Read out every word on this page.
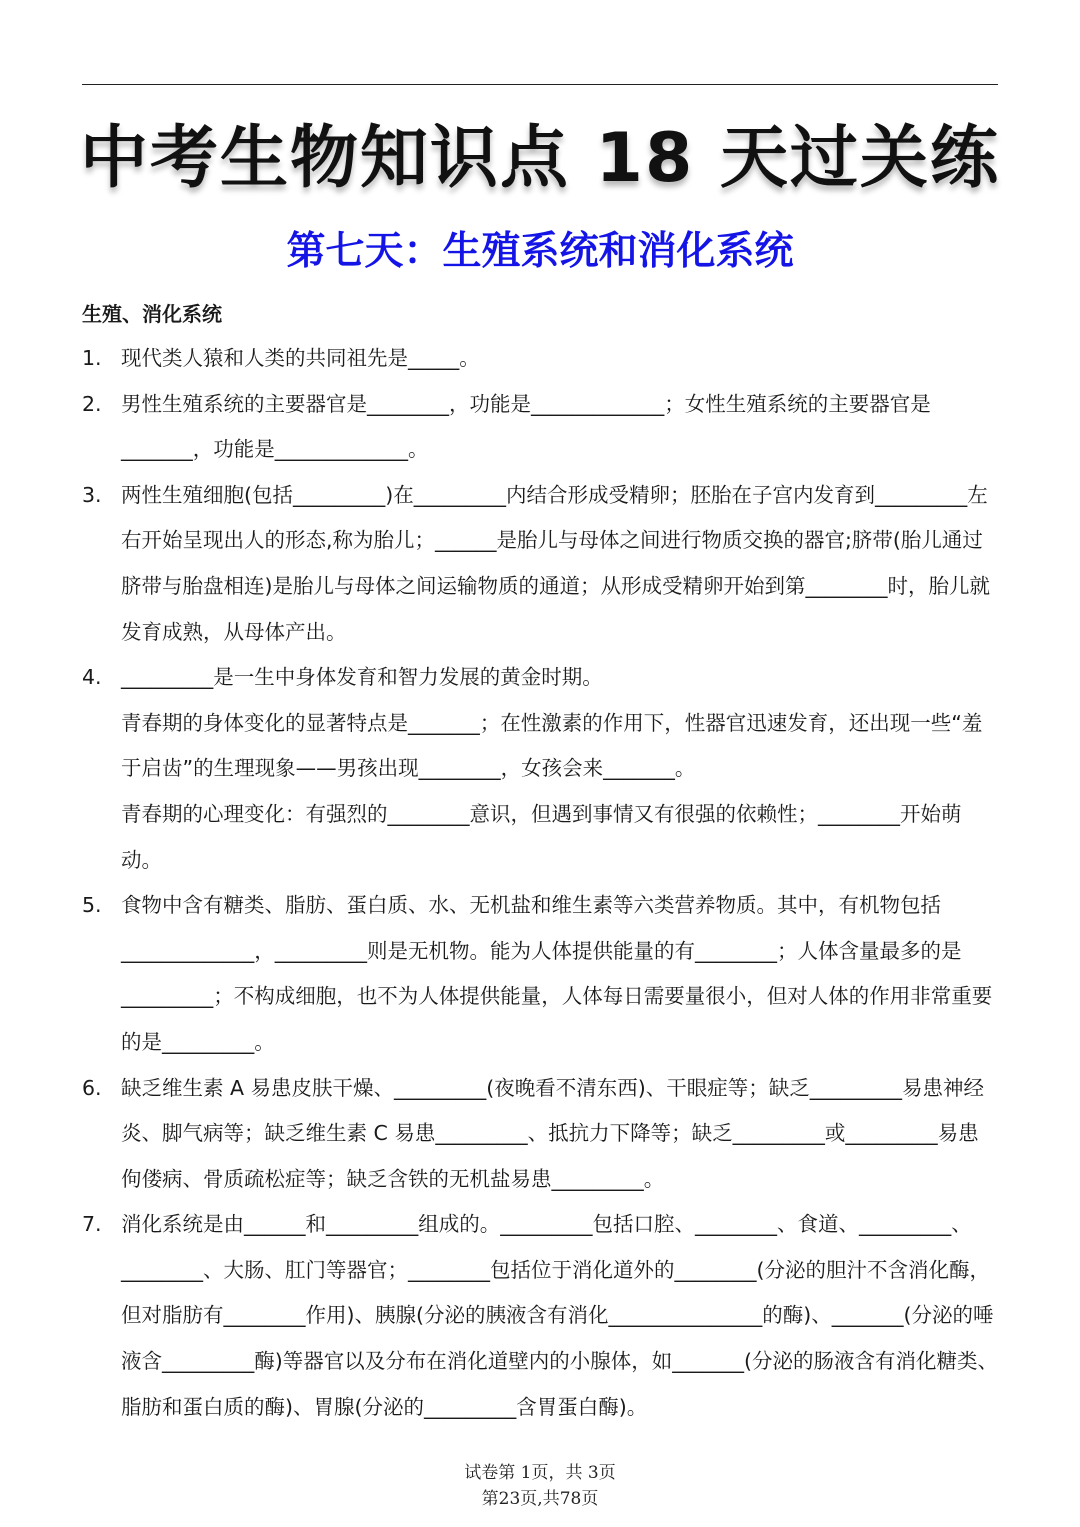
中考生物知识点 18 天过关练
第七天：生殖系统和消化系统
生殖、消化系统
1. 现代类人猿和人类的共同祖先是_____。

2. 男性生殖系统的主要器官是________，功能是_____________；女性生殖系统的主要器官是_______，功能是_____________。

3. 两性生殖细胞(包括_________)在_________内结合形成受精卵；胚胎在子宫内发育到_________左右开始呈现出人的形态,称为胎儿；______是胎儿与母体之间进行物质交换的器官;脐带(胎儿通过脐带与胎盘相连)是胎儿与母体之间运输物质的通道；从形成受精卵开始到第________时，胎儿就发育成熟，从母体产出。

4. _________是一生中身体发育和智力发展的黄金时期。

青春期的身体变化的显著特点是_______；在性激素的作用下，性器官迅速发育，还出现一些“羞于启齿”的生理现象——男孩出现________，女孩会来_______。

青春期的心理变化：有强烈的________意识，但遇到事情又有很强的依赖性；________开始萌动。

5. 食物中含有糖类、脂肪、蛋白质、水、无机盐和维生素等六类营养物质。其中，有机物包括_____________，_________则是无机物。能为人体提供能量的有________；人体含量最多的是_________；不构成细胞，也不为人体提供能量，人体每日需要量很小，但对人体的作用非常重要的是_________。

6. 缺乏维生素 A 易患皮肤干燥、_________(夜晚看不清东西)、干眼症等；缺乏_________易患神经炎、脚气病等；缺乏维生素 C 易患_________、抵抗力下降等；缺乏_________或_________易患佝偻病、骨质疏松症等；缺乏含铁的无机盐易患_________。

7. 消化系统是由______和_________组成的。_________包括口腔、________、食道、_________、________、大肠、肛门等器官；________包括位于消化道外的________(分泌的胆汁不含消化酶，但对脂肪有________作用)、胰腺(分泌的胰液含有消化_______________的酶)、_______(分泌的唾液含_________酶)等器官以及分布在消化道壁内的小腺体，如_______(分泌的肠液含有消化糖类、脂肪和蛋白质的酶)、胃腺(分泌的_________含胃蛋白酶)。

试卷第 1页，共 3页
第23页,共78页
